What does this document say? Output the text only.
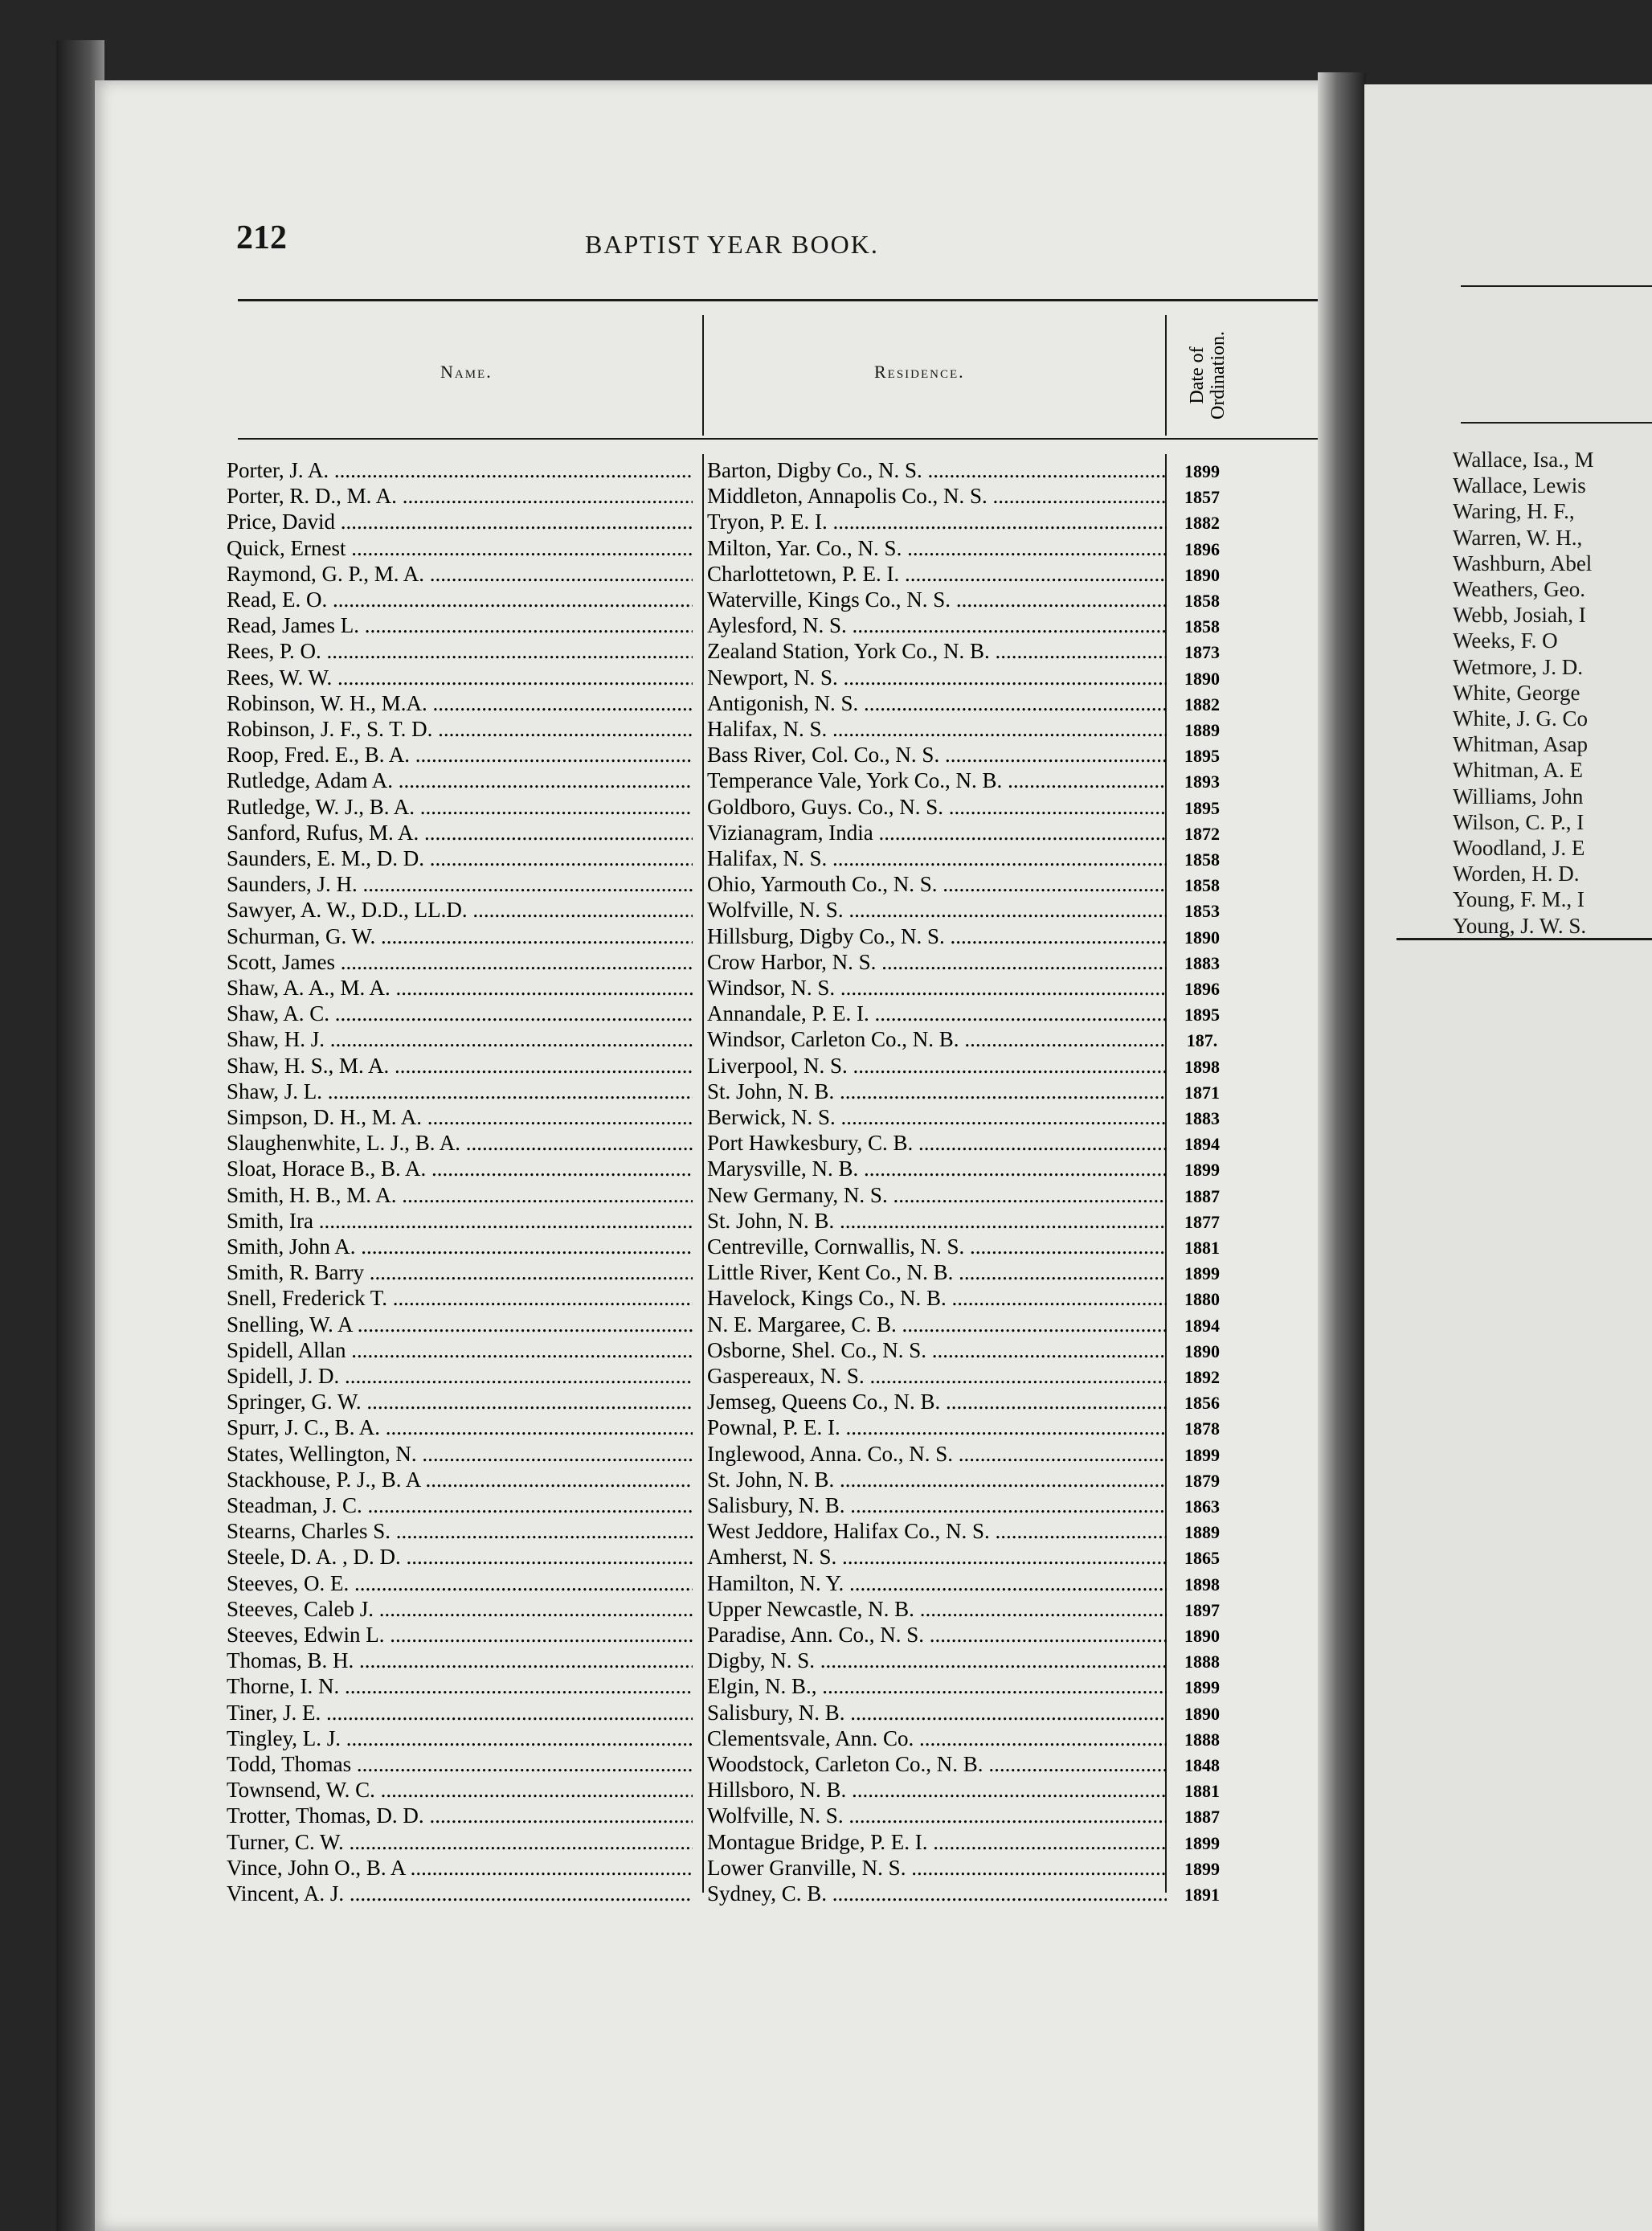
212	BAPTIST YEAR BOOK.
Name.	Residence.	Date of Ordination.
Porter, J. A. .....	Barton, Digby Co., N. S. .....	1899
Porter, R. D., M. A. .....	Middleton, Annapolis Co., N. S. .....	1857
Price, David .....	Tryon, P. E. I. .....	1882
Quick, Ernest .....	Milton, Yar. Co., N. S. .....	1896
Raymond, G. P., M. A. .....	Charlottetown, P. E. I. .....	1890
Read, E. O. .....	Waterville, Kings Co., N. S. .....	1858
Read, James L. .....	Aylesford, N. S. .....	1858
Rees, P. O. .....	Zealand Station, York Co., N. B. .....	1873
Rees, W. W. .....	Newport, N. S. .....	1890
Robinson, W. H., M.A. .....	Antigonish, N. S. .....	1882
Robinson, J. F., S. T. D. .....	Halifax, N. S. .....	1889
Roop, Fred. E., B. A. .....	Bass River, Col. Co., N. S. .....	1895
Rutledge, Adam A. .....	Temperance Vale, York Co., N. B. .....	1893
Rutledge, W. J., B. A. .....	Goldboro, Guys. Co., N. S. .....	1895
Sanford, Rufus, M. A. .....	Vizianagram, India .....	1872
Saunders, E. M., D. D. .....	Halifax, N. S. .....	1858
Saunders, J. H. .....	Ohio, Yarmouth Co., N. S. .....	1858
Sawyer, A. W., D.D., LL.D. .....	Wolfville, N. S. .....	1853
Schurman, G. W. .....	Hillsburg, Digby Co., N. S. .....	1890
Scott, James .....	Crow Harbor, N. S. .....	1883
Shaw, A. A., M. A. .....	Windsor, N. S. .....	1896
Shaw, A. C. .....	Annandale, P. E. I. .....	1895
Shaw, H. J. .....	Windsor, Carleton Co., N. B. .....	187.
Shaw, H. S., M. A. .....	Liverpool, N. S. .....	1898
Shaw, J. L. .....	St. John, N. B. .....	1871
Simpson, D. H., M. A. .....	Berwick, N. S. .....	1883
Slaughenwhite, L. J., B. A. .....	Port Hawkesbury, C. B. .....	1894
Sloat, Horace B., B. A. .....	Marysville, N. B. .....	1899
Smith, H. B., M. A. .....	New Germany, N. S. .....	1887
Smith, Ira .....	St. John, N. B. .....	1877
Smith, John A. .....	Centreville, Cornwallis, N. S. .....	1881
Smith, R. Barry .....	Little River, Kent Co., N. B. .....	1899
Snell, Frederick T. .....	Havelock, Kings Co., N. B. .....	1880
Snelling, W. A .....	N. E. Margaree, C. B. .....	1894
Spidell, Allan .....	Osborne, Shel. Co., N. S. .....	1890
Spidell, J. D. .....	Gaspereaux, N. S. .....	1892
Springer, G. W. .....	Jemseg, Queens Co., N. B. .....	1856
Spurr, J. C., B. A. .....	Pownal, P. E. I. .....	1878
States, Wellington, N. .....	Inglewood, Anna. Co., N. S. .....	1899
Stackhouse, P. J., B. A .....	St. John, N. B. .....	1879
Steadman, J. C. .....	Salisbury, N. B. .....	1863
Stearns, Charles S. .....	West Jeddore, Halifax Co., N. S. .....	1889
Steele, D. A. , D. D. .....	Amherst, N. S. .....	1865
Steeves, O. E. .....	Hamilton, N. Y. .....	1898
Steeves, Caleb J. .....	Upper Newcastle, N. B. .....	1897
Steeves, Edwin L. .....	Paradise, Ann. Co., N. S. .....	1890
Thomas, B. H. .....	Digby, N. S. .....	1888
Thorne, I. N. .....	Elgin, N. B., .....	1899
Tiner, J. E. .....	Salisbury, N. B. .....	1890
Tingley, L. J. .....	Clementsvale, Ann. Co. .....	1888
Todd, Thomas .....	Woodstock, Carleton Co., N. B. .....	1848
Townsend, W. C. .....	Hillsboro, N. B. .....	1881
Trotter, Thomas, D. D. .....	Wolfville, N. S. .....	1887
Turner, C. W. .....	Montague Bridge, P. E. I. .....	1899
Vince, John O., B. A .....	Lower Granville, N. S. .....	1899
Vincent, A. J. .....	Sydney, C. B. .....	1891
Wallace, Isa., M
Wallace, Lewis
Waring, H. F.,
Warren, W. H.,
Washburn, Abel
Weathers, Geo.
Webb, Josiah, I
Weeks, F. O
Wetmore, J. D.
White, George
White, J. G. Co
Whitman, Asap
Whitman, A. E
Williams, John
Wilson, C. P., I
Woodland, J. E
Worden, H. D.
Young, F. M., I
Young, J. W. S.
